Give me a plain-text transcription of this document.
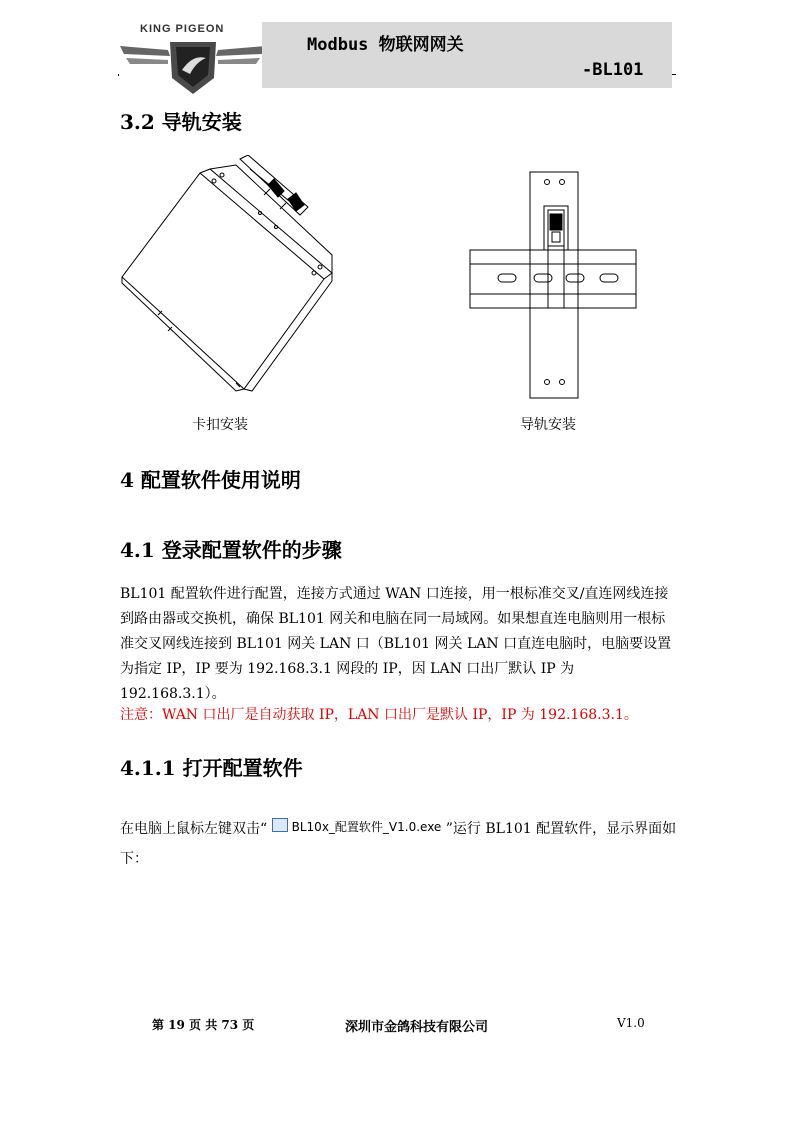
KING PIGEON
Modbus 物联网网关
-BL101
3.2 导轨安装
卡扣安装	导轨安装
4 配置软件使用说明
4.1 登录配置软件的步骤
BL101 配置软件进行配置，连接方式通过 WAN 口连接，用一根标准交叉/直连网线连接到路由器或交换机，确保 BL101 网关和电脑在同一局域网。如果想直连电脑则用一根标准交叉网线连接到 BL101 网关 LAN 口（BL101 网关 LAN 口直连电脑时，电脑要设置为指定 IP，IP 要为 192.168.3.1 网段的 IP，因 LAN 口出厂默认 IP 为 192.168.3.1）。
注意：WAN 口出厂是自动获取 IP，LAN 口出厂是默认 IP，IP 为 192.168.3.1。
4.1.1 打开配置软件
在电脑上鼠标左键双击“ BL10x_配置软件_V1.0.exe ”运行 BL101 配置软件，显示界面如下：
第 19 页 共 73 页	深圳市金鸽科技有限公司	V1.0
